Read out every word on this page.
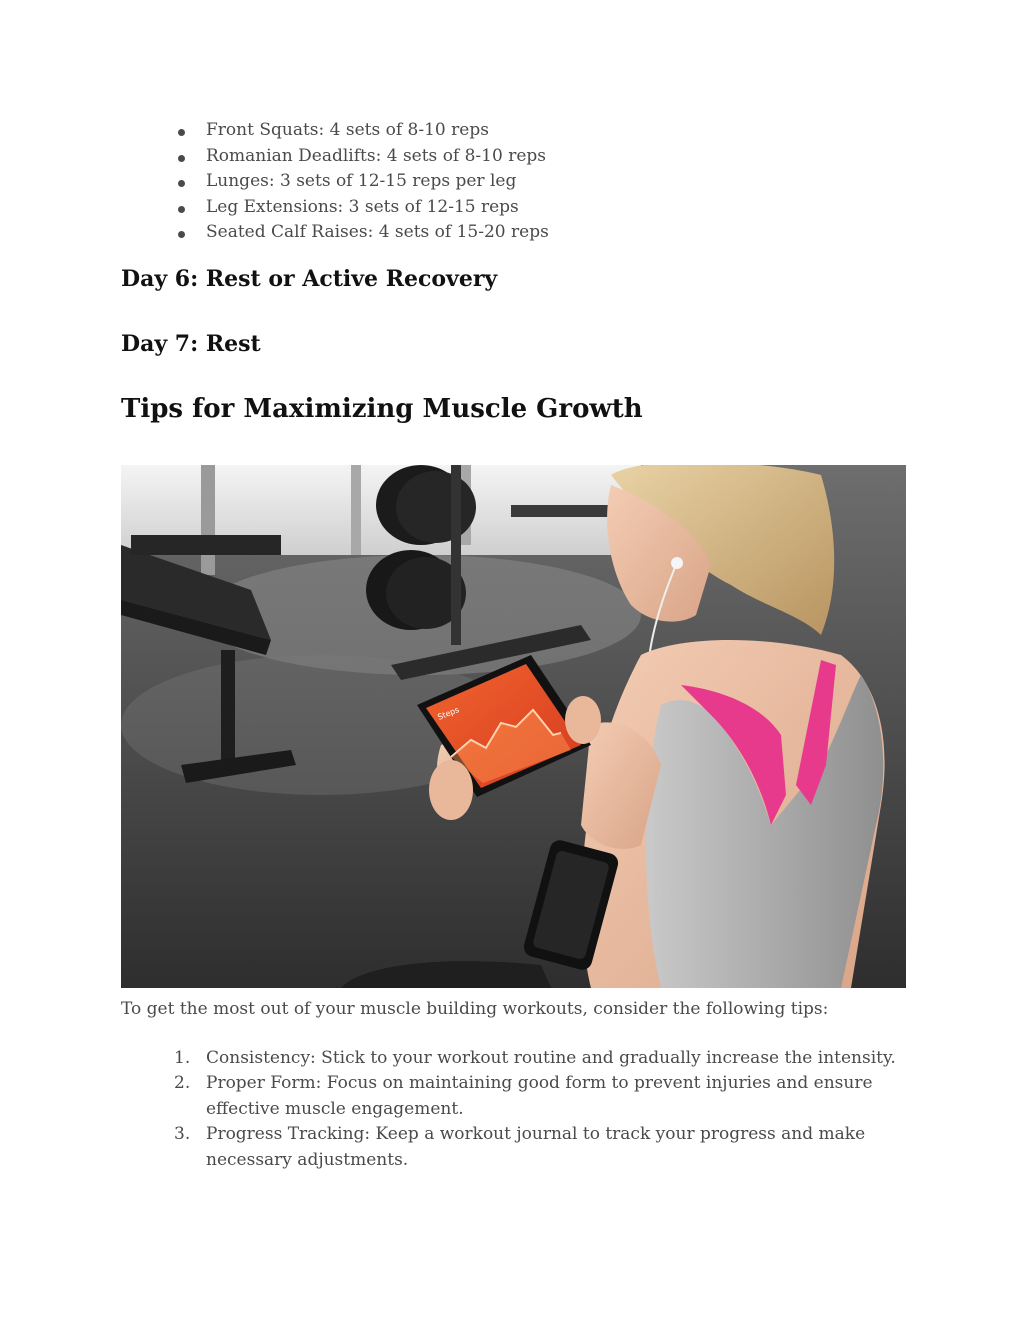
Front Squats: 4 sets of 8-10 reps
Romanian Deadlifts: 4 sets of 8-10 reps
Lunges: 3 sets of 12-15 reps per leg
Leg Extensions: 3 sets of 12-15 reps
Seated Calf Raises: 4 sets of 15-20 reps
Day 6: Rest or Active Recovery
Day 7: Rest
Tips for Maximizing Muscle Growth
Steps

To get the most out of your muscle building workouts, consider the following tips:

1. Consistency: Stick to your workout routine and gradually increase the intensity.
2. Proper Form: Focus on maintaining good form to prevent injuries and ensure effective muscle engagement.
3. Progress Tracking: Keep a workout journal to track your progress and make necessary adjustments.
